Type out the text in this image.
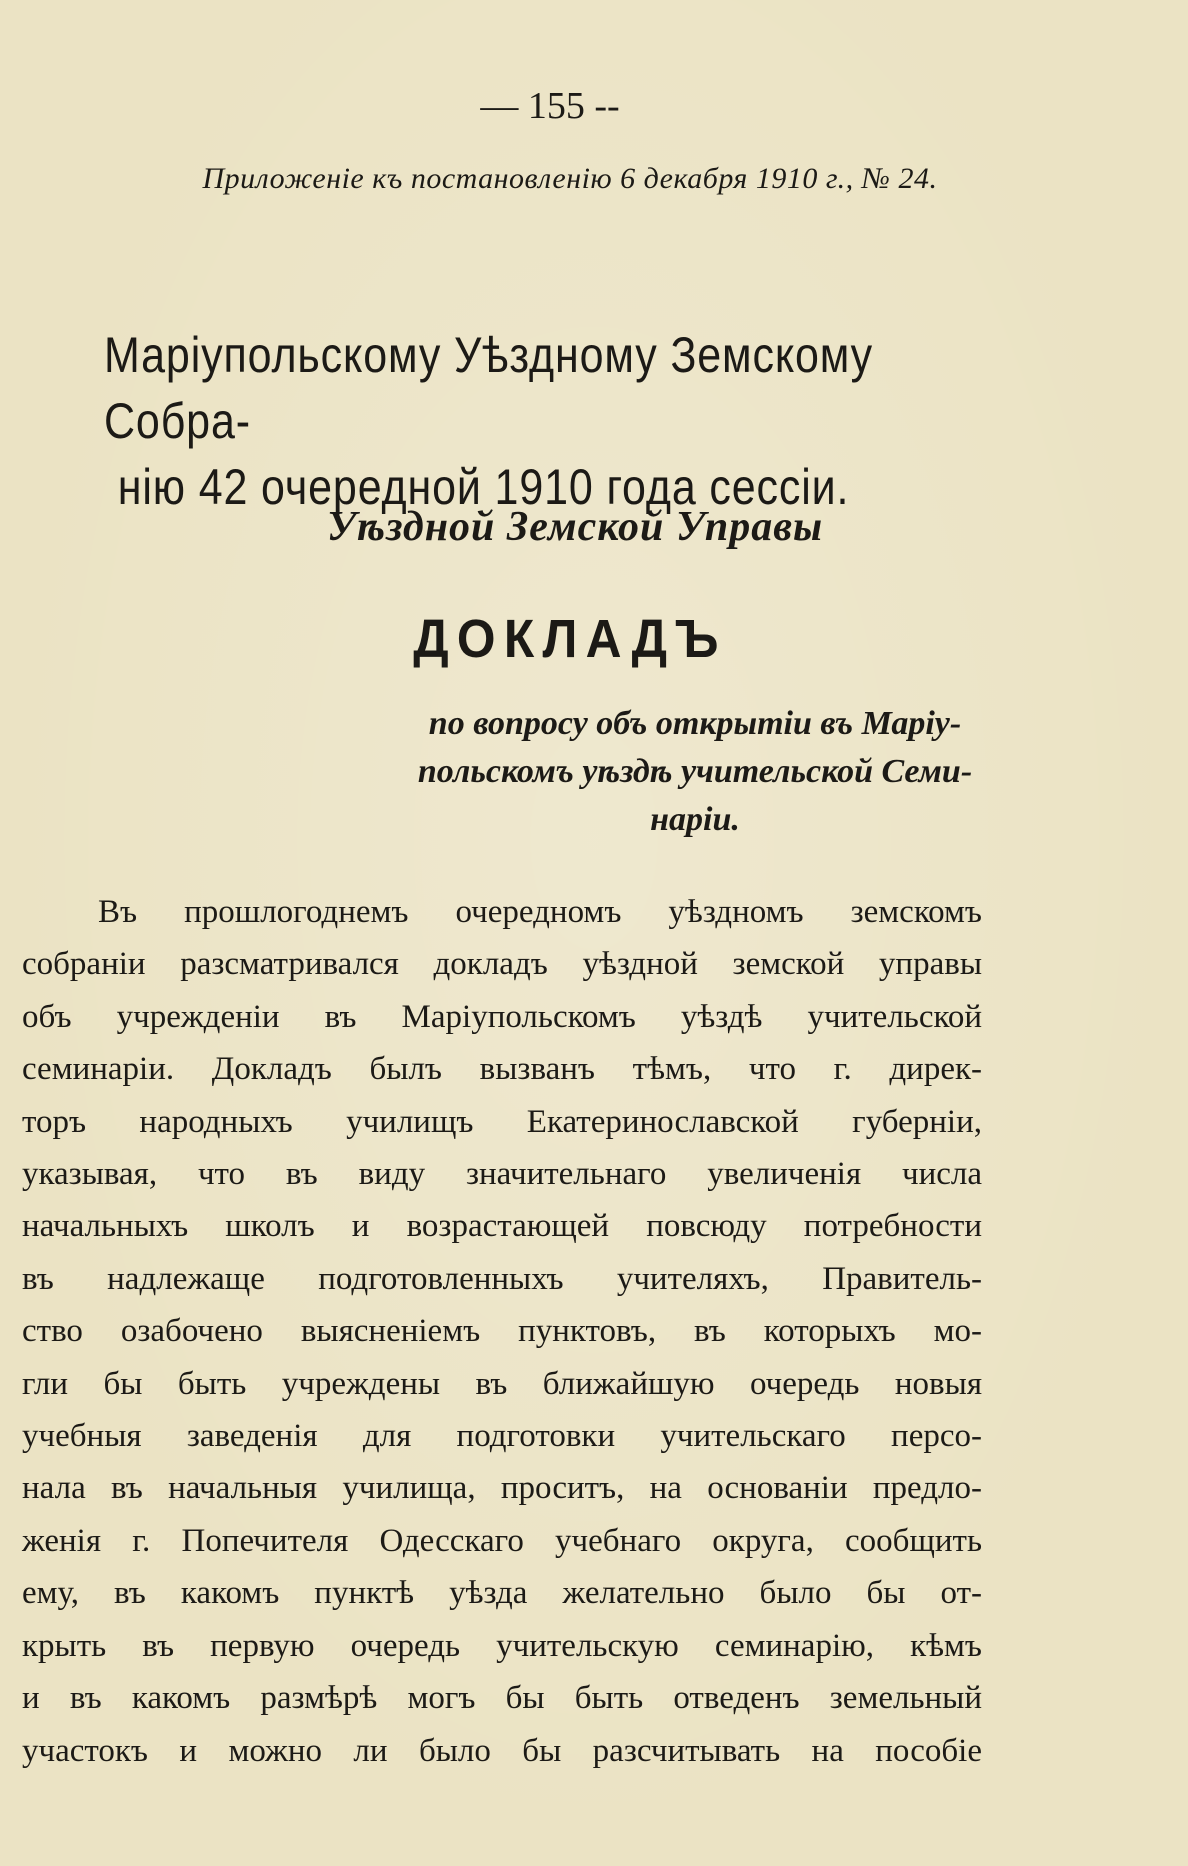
— 155 --
Приложеніе къ постановленію 6 декабря 1910 г., № 24.
Маріупольскому Уѣздному Земскому Собра-
нію 42 очередной 1910 года сессіи.
Уѣздной Земской Управы
ДОКЛАДЪ
по вопросу объ открытіи въ Маріу-
польскомъ уѣздѣ учительской Семи-
наріи.
Въ прошлогоднемъ очередномъ уѣздномъ земскомъ
собраніи разсматривался докладъ уѣздной земской управы
объ учрежденіи въ Маріупольскомъ уѣздѣ учительской
семинаріи. Докладъ былъ вызванъ тѣмъ, что г. дирек-
торъ народныхъ училищъ Екатеринославской губерніи,
указывая, что въ виду значительнаго увеличенія числа
начальныхъ школъ и возрастающей повсюду потребности
въ надлежаще подготовленныхъ учителяхъ, Правитель-
ство озабочено выясненіемъ пунктовъ, въ которыхъ мо-
гли бы быть учреждены въ ближайшую очередь новыя
учебныя заведенія для подготовки учительскаго персо-
нала въ начальныя училища, проситъ, на основаніи предло-
женія г. Попечителя Одесскаго учебнаго округа, сообщить
ему, въ какомъ пунктѣ уѣзда желательно было бы от-
крыть въ первую очередь учительскую семинарію, кѣмъ
и въ какомъ размѣрѣ могъ бы быть отведенъ земельный
участокъ и можно ли было бы разсчитывать на пособіе
